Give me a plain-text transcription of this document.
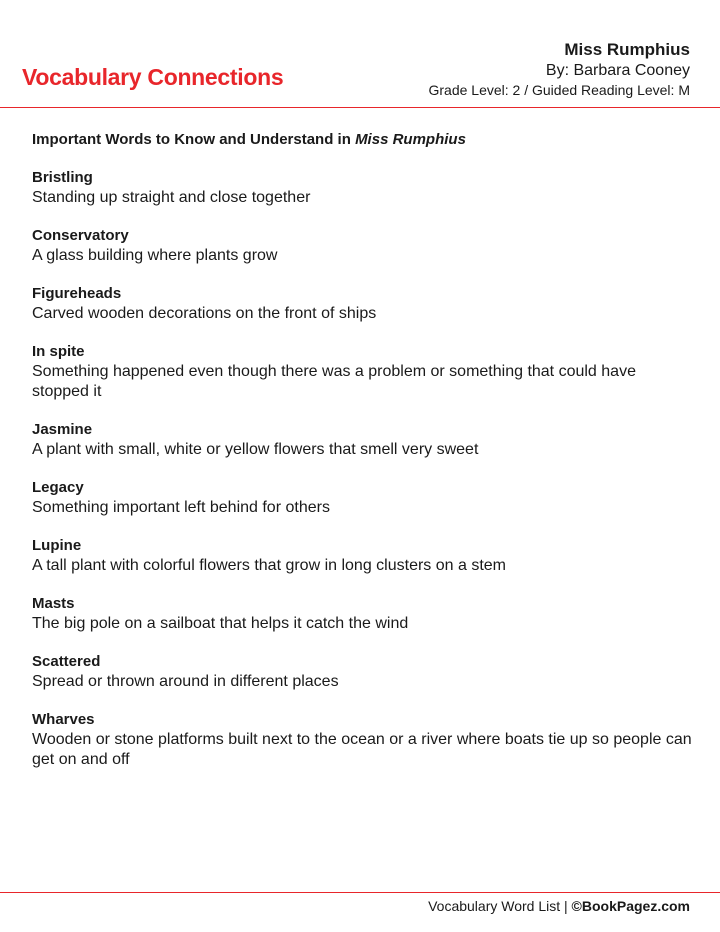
Vocabulary Connections
Miss Rumphius
By: Barbara Cooney
Grade Level: 2 / Guided Reading Level: M
Important Words to Know and Understand in Miss Rumphius
Bristling
Standing up straight and close together
Conservatory
A glass building where plants grow
Figureheads
Carved wooden decorations on the front of ships
In spite
Something happened even though there was a problem or something that could have stopped it
Jasmine
A plant with small, white or yellow flowers that smell very sweet
Legacy
Something important left behind for others
Lupine
A tall plant with colorful flowers that grow in long clusters on a stem
Masts
The big pole on a sailboat that helps it catch the wind
Scattered
Spread or thrown around in different places
Wharves
Wooden or stone platforms built next to the ocean or a river where boats tie up so people can get on and off
Vocabulary Word List | ©BookPagez.com
